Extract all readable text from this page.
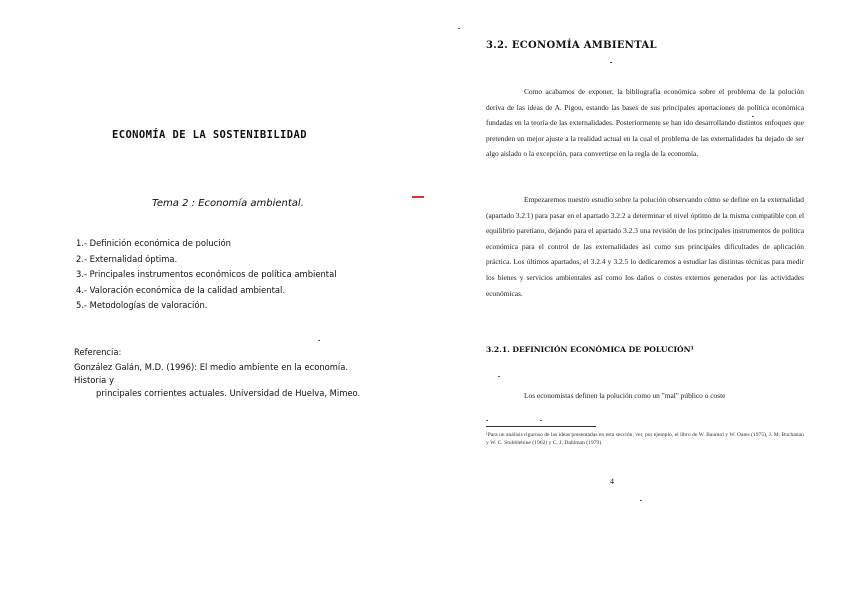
ECONOMÍA DE LA SOSTENIBILIDAD
Tema 2 : Economía ambiental.
1.- Definición económica de polución
2.- Externalidad óptima.
3.- Principales instrumentos económicos de política ambiental
4.- Valoración económica de la calidad ambiental.
5.- Metodologías de valoración.
Referencia:
González Galán, M.D. (1996): El medio ambiente en la economía. Historia y
principales corrientes actuales. Universidad de Huelva, Mimeo.
3.2. ECONOMÍA AMBIENTAL
Como acabamos de exponer, la bibliografía económica sobre el problema de la polución deriva de las ideas de A. Pigou, estando las bases de sus principales aportaciones de política económica fundadas en la teoría de las externalidades. Posteriormente se han ido desarrollando distintos enfoques que pretenden un mejor ajuste a la realidad actual en la cual el problema de las externalidades ha dejado de ser algo aislado o la excepción, para convertirse en la regla de la economía.
Empezaremos nuestro estudio sobre la polución observando cómo se define en la externalidad (apartado 3.2.1) para pasar en el apartado 3.2.2 a determinar el nivel óptimo de la misma compatible con el equilibrio paretiano, dejando para el apartado 3.2.3 una revisión de los principales instrumentos de política económica para el control de las externalidades así como sus principales dificultades de aplicación práctica. Los últimos apartados, el 3.2.4 y 3.2.5 lo dedicaremos a estudiar las distintas técnicas para medir los bienes y servicios ambientales así como los daños o costes externos generados por las actividades económicas.
3.2.1. DEFINICIÓN ECONÓMICA DE POLUCIÓN¹
Los economistas definen la polución como un "mal" público o coste
¹Para un análisis riguroso de las ideas presentadas en esta sección, ver, por ejemplo, el libro de W. Baumol y W. Oates (1975), J. M. Buchanan y W. C. Stubblebine (1962) y C. J. Dahlman (1979).
4
